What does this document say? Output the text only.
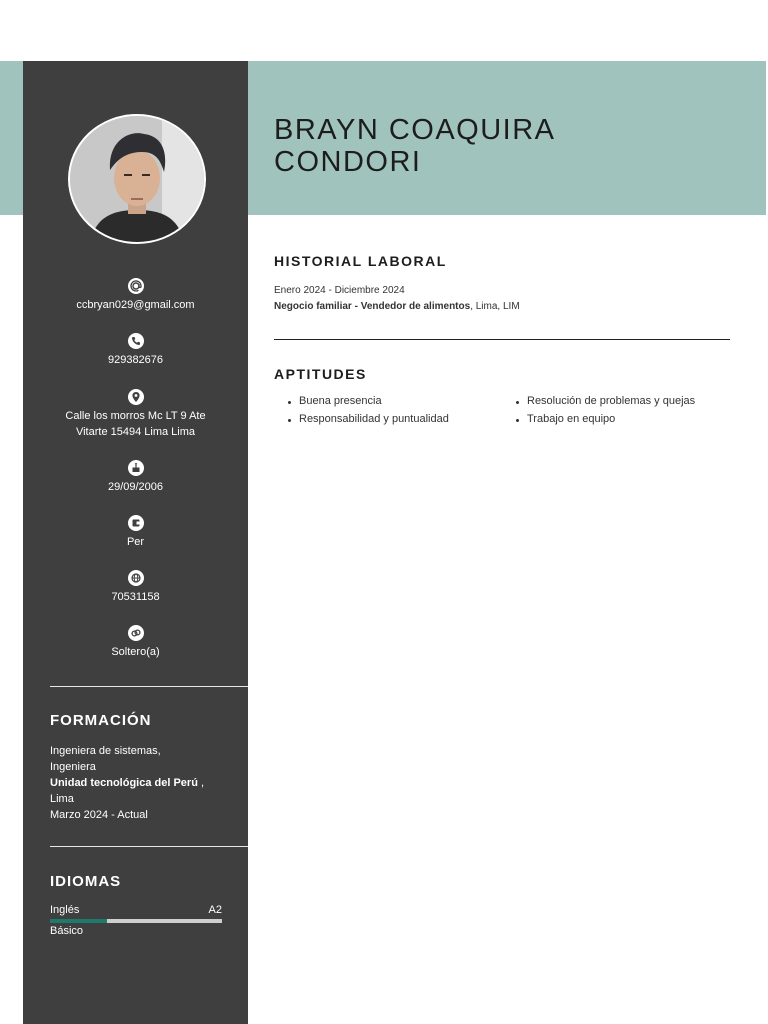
ccbryan029@gmail.com
929382676
Calle los morros Mc LT 9 Ate
Vitarte 15494 Lima Lima
29/09/2006
Per
70531158
Soltero(a)
FORMACIÓN
Ingeniera de sistemas,
Ingeniera
Unidad tecnológica del Perú ,
Lima
Marzo 2024 - Actual
IDIOMAS
Inglés	A2
Básico
BRAYN COAQUIRA
CONDORI
HISTORIAL LABORAL
Enero 2024 - Diciembre 2024
Negocio familiar - Vendedor de alimentos, Lima, LIM
APTITUDES
Buena presencia	Resolución de problemas y quejas
Responsabilidad y puntualidad	Trabajo en equipo
